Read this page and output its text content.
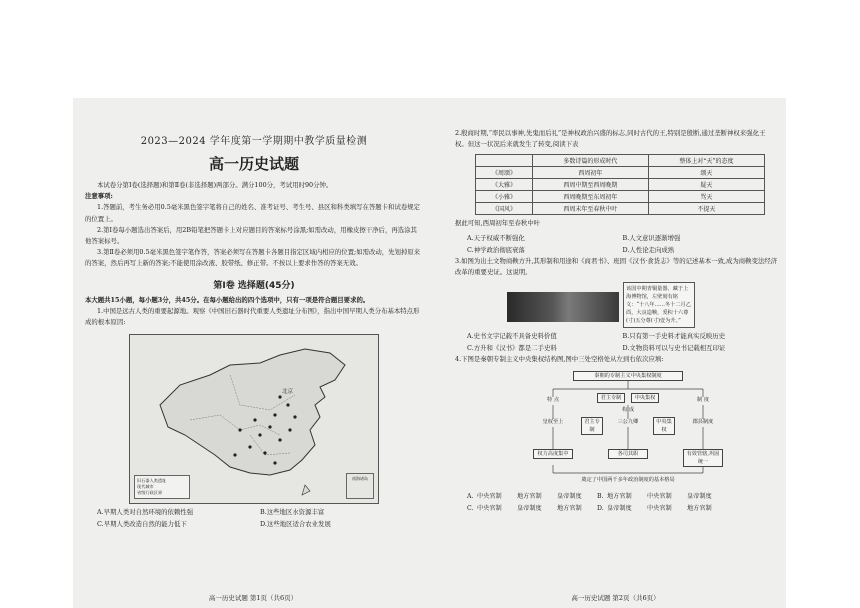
2023—2024 学年度第一学期期中教学质量检测
高一历史试题
本试卷分第Ⅰ卷(选择题)和第Ⅱ卷(非选择题)两部分。满分100分，考试用时90分钟。
注意事项:
1.答题前，考生务必用0.5毫米黑色签字笔将自己的姓名、准考证号、考生号、县区和科类填写在答题卡和试卷规定的位置上。
2.第Ⅰ卷每小题选出答案后，用2B铅笔把答题卡上对应题目的答案标号涂黑;如需改动，用橡皮擦干净后，再选涂其他答案标号。
3.第Ⅱ卷必须用0.5毫米黑色签字笔作答，答案必须写在答题卡各题目指定区域内相应的位置;如需改动，先划掉原来的答案，然后再写上新的答案;不能使用涂改液、胶带纸、修正带。不按以上要求作答的答案无效。
第Ⅰ卷 选择题(45分)
本大题共15小题，每小题3分，共45分。在每小题给出的四个选项中，只有一项是符合题目要求的。
1.中国是远古人类的重要起源地。观察《中国旧石器时代重要人类遗址分布图》，指出中国早期人类分布基本特点形成的根本原因:
北京
旧石器人类遗址
现代城市
省级行政区界
南海诸岛
A.早期人类对自然环境的依赖性强	B.这些地区水资源丰富
C.早期人类改造自然的能力低下	D.这些地区适合农业发展
高一历史试题 第1页（共6页）
2.殷商时期,“率民以事神,先鬼而后礼”是神权政治兴盛的标志,同时古代的王,特别是殷断,通过垄断神权来强化王权。但这一状况后来就发生了转变,阅读下表
	多数诗篇的形成时代	整体上对“天”的态度
《周颂》	西周初年	颂天
《大雅》	西周中期至西周晚期	疑天
《小雅》	西周晚期至东周初年	骂天
《国风》	西周末年至春秋中叶	不提天
据此可知,西周初年至春秋中叶
A.天子权威不断强化	B.人文意识逐渐增强
C.神学政治彻底衰落	D.人性论走向成熟
3.如图为出土文物商鞅方升,其形制和用途和《商君书》、班固《汉书·食货志》等的记述基本一致,成为商鞅变法经济改革的重要史证。这说明,
该国中期青铜量器，藏于上海博物馆，左壁刻有铭文：“十八年……冬十二月乙酉，大良造鞅，爰积十六尊(寸)五分尊(寸)壹为升。”
A.史书文字记载不具备史料价值	B.只有第一手史料才能真实反映历史
C.方升和《汉书》都是二手史料	D.文物资料可以与史书记载相互印证
4.下图是秦朝专制主义中央集权结构图,图中三处空格处从左到右依次应填:
秦朝的专制主义中央集权制度
君主专制	中央集权
特 点
构 成
制 度
皇权至上	君主专制
三公九卿	中央集权
郡县制度
权力高度集中	各司其职	有效管辖,巩固统一
奠定了中国两千多年政治制度的基本格局
A. 中央官制	地方官制	皇帝制度	B. 地方官制	中央官制	皇帝制度
C. 中央官制	皇帝制度	地方官制	D. 皇帝制度	中央官制	地方官制
高一历史试题 第2页（共6页）
